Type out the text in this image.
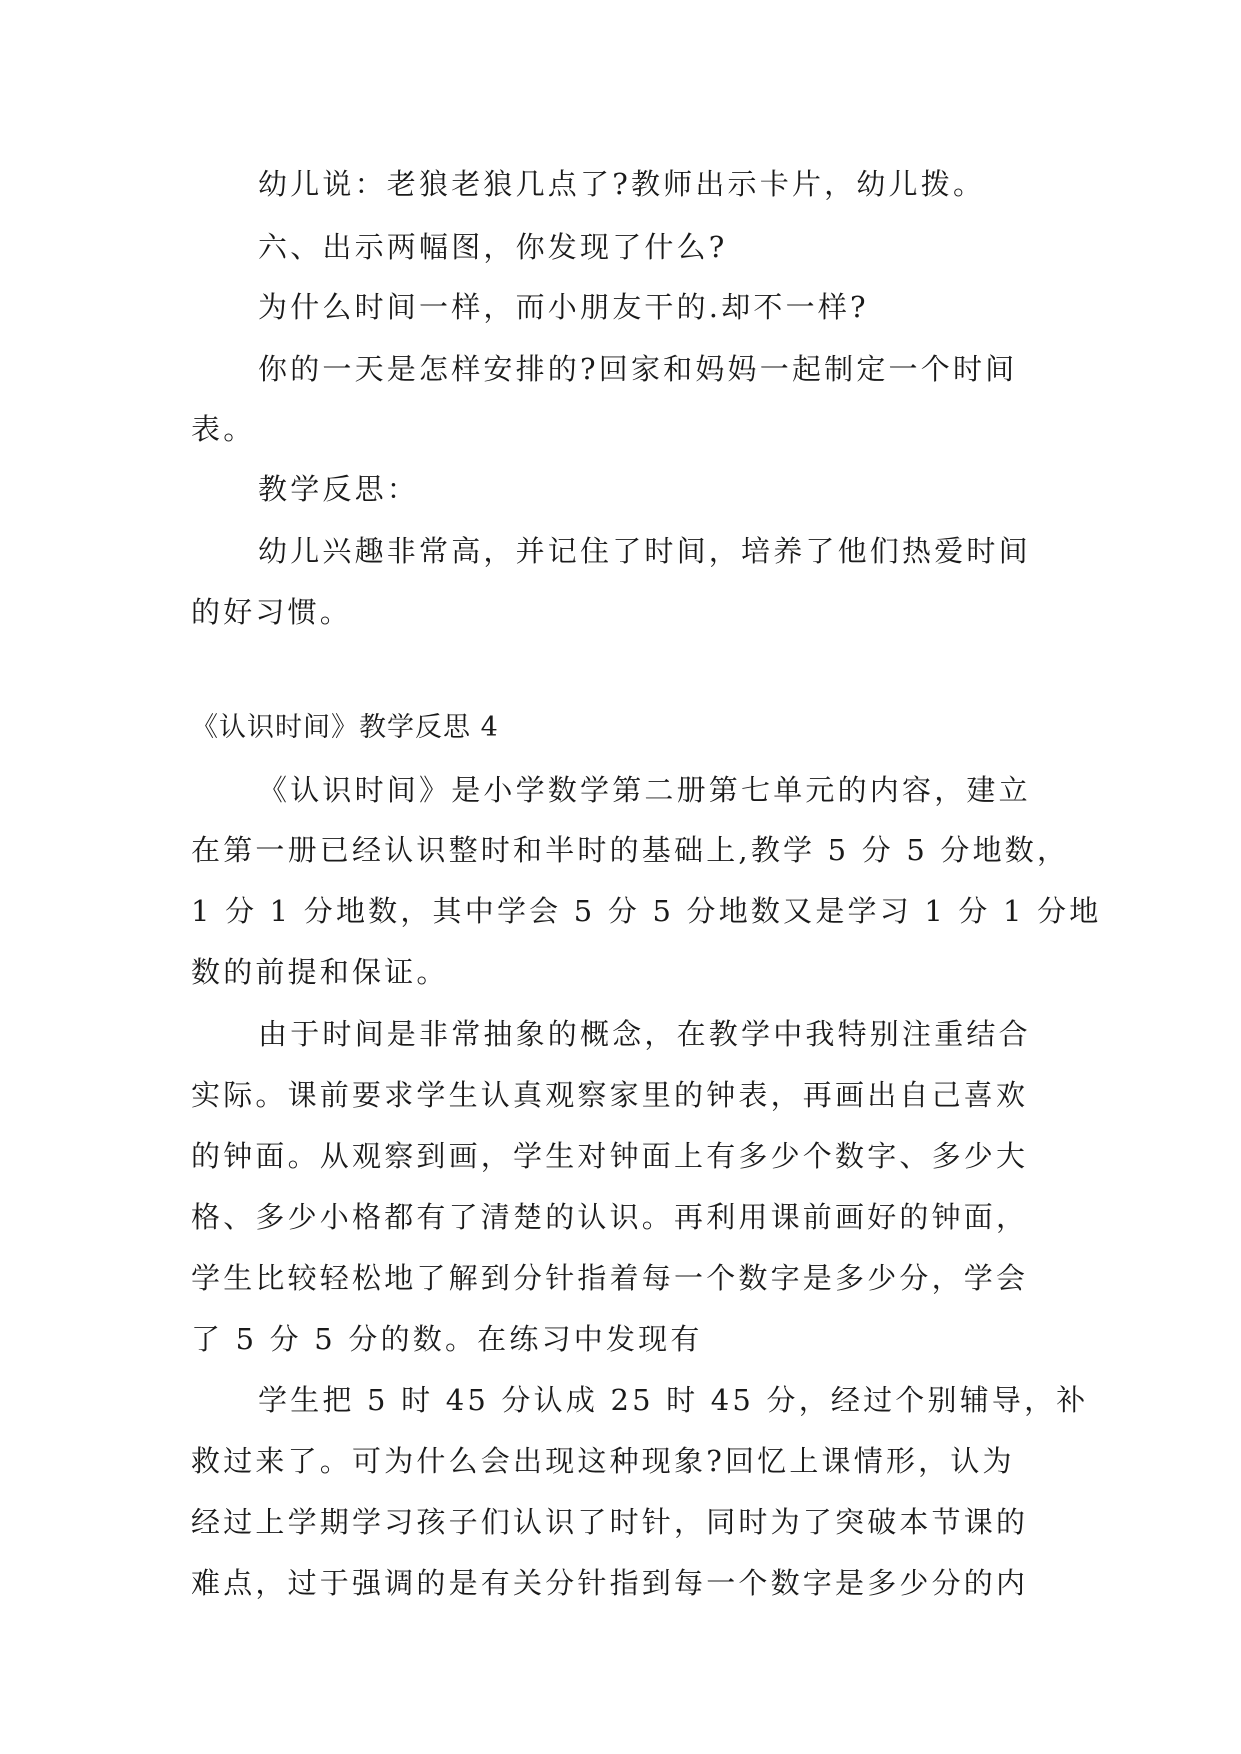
幼儿说：老狼老狼几点了?教师出示卡片，幼儿拨。
六、出示两幅图，你发现了什么?
为什么时间一样，而小朋友干的.却不一样?
你的一天是怎样安排的?回家和妈妈一起制定一个时间
表。
教学反思：
幼儿兴趣非常高，并记住了时间，培养了他们热爱时间
的好习惯。
《认识时间》教学反思 4
《认识时间》是小学数学第二册第七单元的内容，建立
在第一册已经认识整时和半时的基础上,教学 5 分 5 分地数，
1 分 1 分地数，其中学会 5 分 5 分地数又是学习 1 分 1 分地
数的前提和保证。
由于时间是非常抽象的概念，在教学中我特别注重结合
实际。课前要求学生认真观察家里的钟表，再画出自己喜欢
的钟面。从观察到画，学生对钟面上有多少个数字、多少大
格、多少小格都有了清楚的认识。再利用课前画好的钟面，
学生比较轻松地了解到分针指着每一个数字是多少分，学会
了 5 分 5 分的数。在练习中发现有
学生把 5 时 45 分认成 25 时 45 分，经过个别辅导，补
救过来了。可为什么会出现这种现象?回忆上课情形，认为
经过上学期学习孩子们认识了时针，同时为了突破本节课的
难点，过于强调的是有关分针指到每一个数字是多少分的内
